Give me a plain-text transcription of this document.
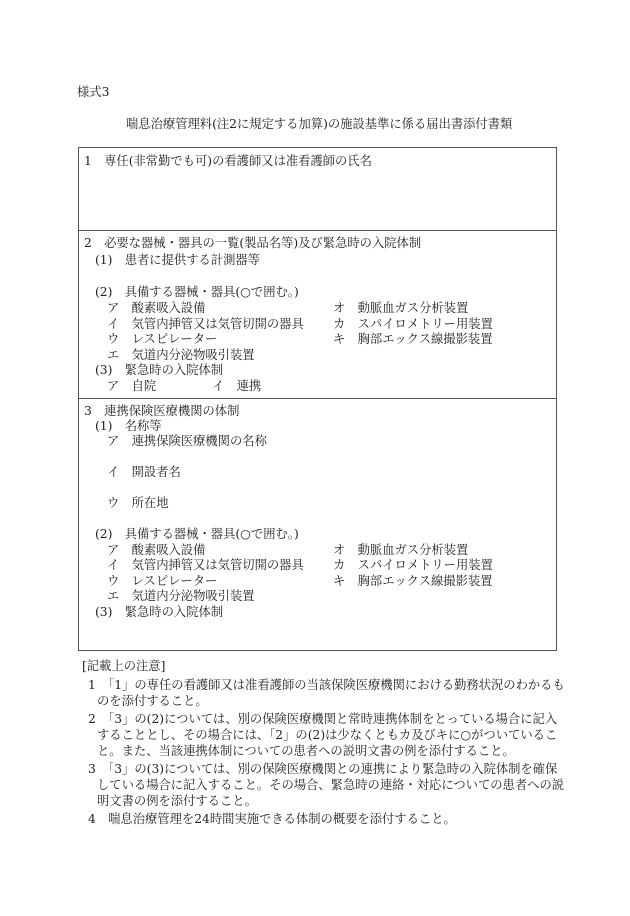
様式3
喘息治療管理料(注2に規定する加算)の施設基準に係る届出書添付書類
1　専任(非常勤でも可)の看護師又は准看護師の氏名
2　必要な器械・器具の一覧(製品名等)及び緊急時の入院体制
(1)　患者に提供する計測器等
(2)　具備する器械・器具(○で囲む。)
ア　酸素吸入設備
イ　気管内挿管又は気管切開の器具
ウ　レスピレーター
エ　気道内分泌物吸引装置
オ　動脈血ガス分析装置
カ　スパイロメトリー用装置
キ　胸部エックス線撮影装置
(3)　緊急時の入院体制
ア　自院	イ　連携
3　連携保険医療機関の体制
(1)　名称等
ア　連携保険医療機関の名称
イ　開設者名
ウ　所在地
(2)　具備する器械・器具(○で囲む。)
ア　酸素吸入設備
イ　気管内挿管又は気管切開の器具
ウ　レスピレーター
エ　気道内分泌物吸引装置
オ　動脈血ガス分析装置
カ　スパイロメトリー用装置
キ　胸部エックス線撮影装置
(3)　緊急時の入院体制
[記載上の注意]
1　「1」の専任の看護師又は准看護師の当該保険医療機関における勤務状況のわかるも
のを添付すること。
2　「3」の(2)については、別の保険医療機関と常時連携体制をとっている場合に記入
することとし、その場合には、「2」の(2)は少なくともカ及びキに○がついているこ
と。また、当該連携体制についての患者への説明文書の例を添付すること。
3　「3」の(3)については、別の保険医療機関との連携により緊急時の入院体制を確保
している場合に記入すること。その場合、緊急時の連絡・対応についての患者への説
明文書の例を添付すること。
4　喘息治療管理を24時間実施できる体制の概要を添付すること。
